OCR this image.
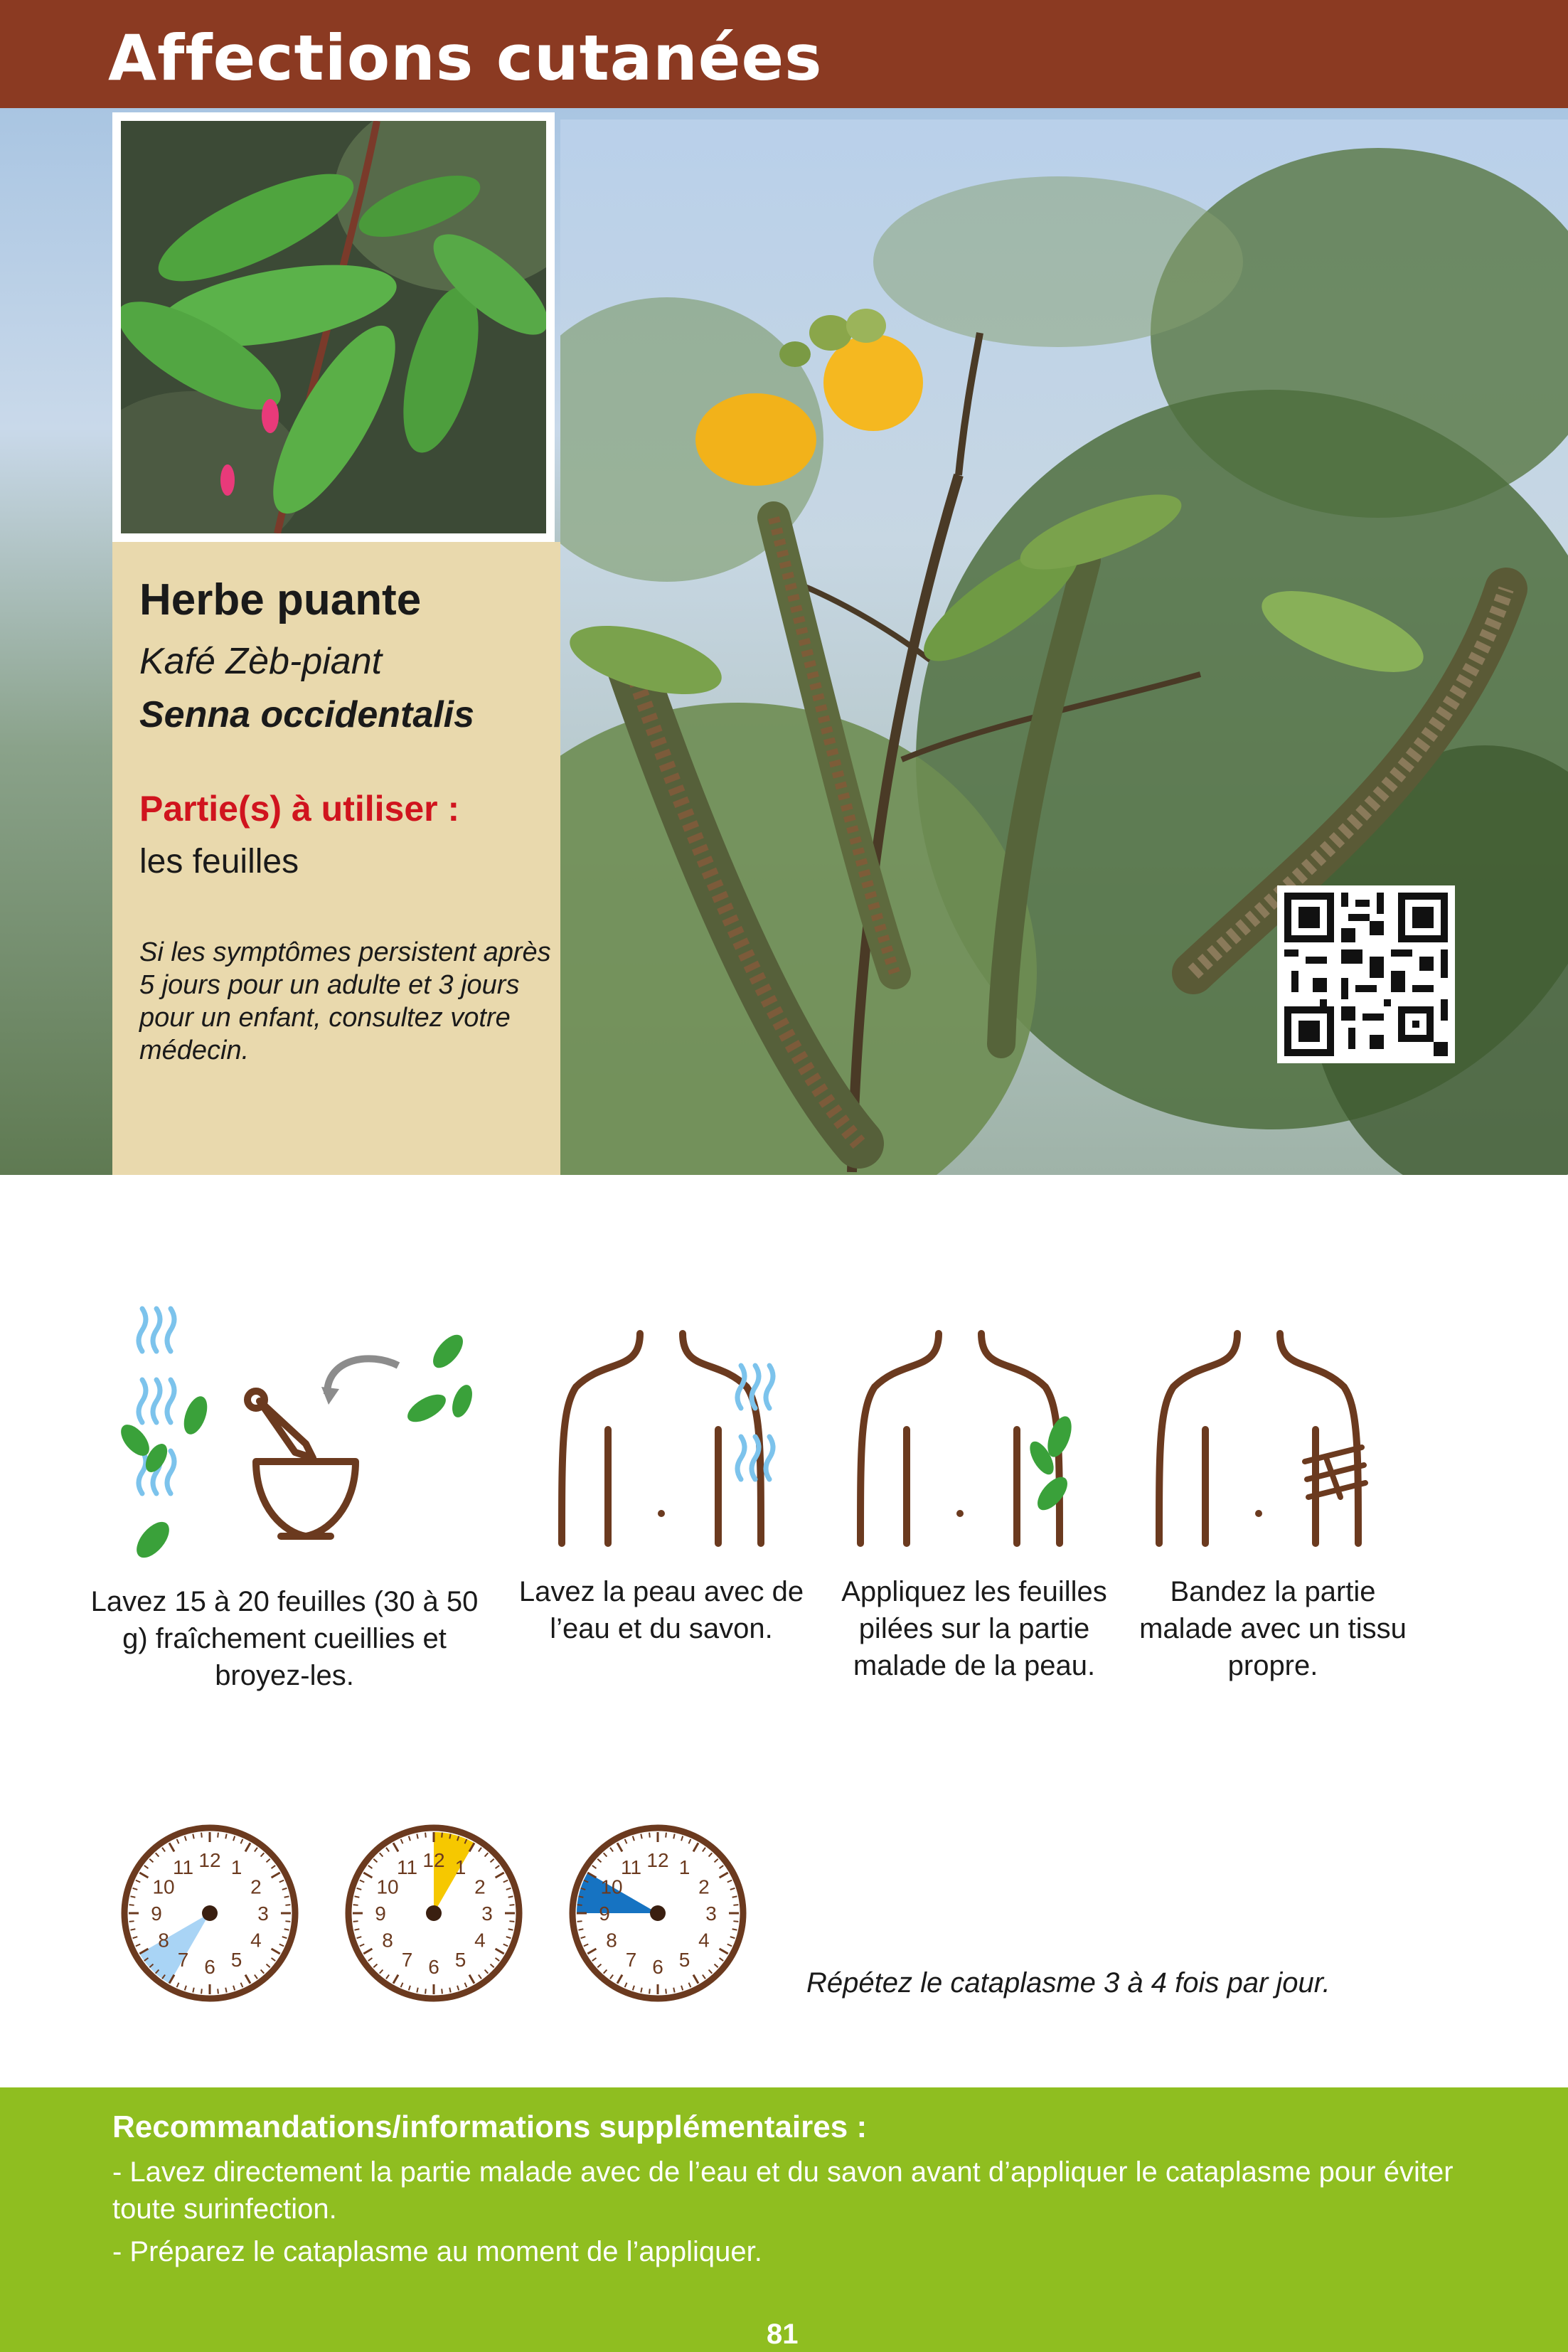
Affections cutanées
Herbe puante
Kafé Zèb-piant
Senna occidentalis
Partie(s) à utiliser :
les feuilles
Si les symptômes persistent après 5 jours pour un adulte et 3 jours pour un enfant, consultez votre médecin.
Lavez 15 à 20 feuilles (30 à 50 g) fraîchement cueillies et broyez-les.
Lavez la peau avec de l’eau et du savon.
Appliquez les feuilles pilées sur la partie malade de la peau.
Bandez la partie malade avec un tissu propre.
12 1
2
3
4
5
6
7
8
9
10
11	12 1
2
3
4
5
6
7
8
9
10
11	12 1
2
3
4
5
6
7
8
9
10
11
Répétez le cataplasme 3 à 4 fois par jour.
Recommandations/informations supplémentaires :
- Lavez directement la partie malade avec de l’eau et du savon avant d’appliquer le cataplasme pour éviter toute surinfection.
- Préparez le cataplasme au moment de l’appliquer.
81
